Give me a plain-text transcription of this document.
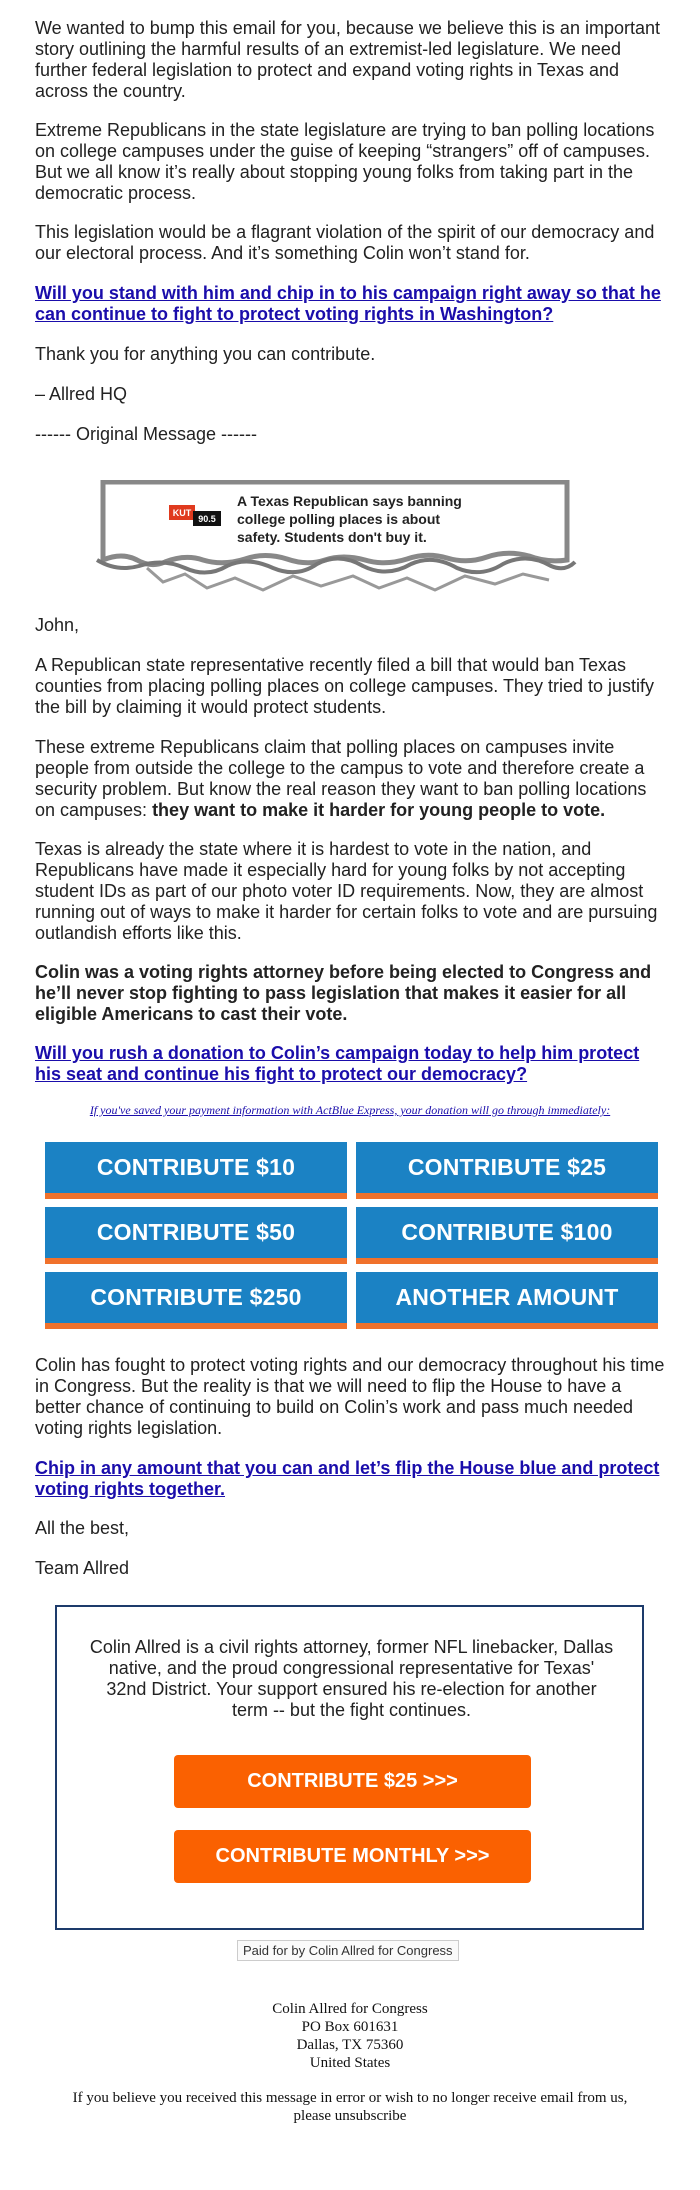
We wanted to bump this email for you, because we believe this is an important story outlining the harmful results of an extremist-led legislature. We need further federal legislation to protect and expand voting rights in Texas and across the country.

Extreme Republicans in the state legislature are trying to ban polling locations on college campuses under the guise of keeping “strangers” off of campuses. But we all know it’s really about stopping young folks from taking part in the democratic process.

This legislation would be a flagrant violation of the spirit of our democracy and our electoral process. And it’s something Colin won’t stand for.

Will you stand with him and chip in to his campaign right away so that he can continue to fight to protect voting rights in Washington?

Thank you for anything you can contribute.

– Allred HQ

------ Original Message ------

KUT
90.5
A Texas Republican says banning
college polling places is about
safety. Students don't buy it.

John,

A Republican state representative recently filed a bill that would ban Texas counties from placing polling places on college campuses. They tried to justify the bill by claiming it would protect students.

These extreme Republicans claim that polling places on campuses invite people from outside the college to the campus to vote and therefore create a security problem. But know the real reason they want to ban polling locations on campuses: they want to make it harder for young people to vote.

Texas is already the state where it is hardest to vote in the nation, and Republicans have made it especially hard for young folks by not accepting student IDs as part of our photo voter ID requirements. Now, they are almost running out of ways to make it harder for certain folks to vote and are pursuing outlandish efforts like this.

Colin was a voting rights attorney before being elected to Congress and he’ll never stop fighting to pass legislation that makes it easier for all eligible Americans to cast their vote.

Will you rush a donation to Colin’s campaign today to help him protect his seat and continue his fight to protect our democracy?

If you've saved your payment information with ActBlue Express, your donation will go through immediately:
CONTRIBUTE $10	CONTRIBUTE $25
CONTRIBUTE $50	CONTRIBUTE $100
CONTRIBUTE $250	ANOTHER AMOUNT

Colin has fought to protect voting rights and our democracy throughout his time in Congress. But the reality is that we will need to flip the House to have a better chance of continuing to build on Colin’s work and pass much needed voting rights legislation.

Chip in any amount that you can and let’s flip the House blue and protect voting rights together.

All the best,

Team Allred

Colin Allred is a civil rights attorney, former NFL linebacker, Dallas native, and the proud congressional representative for Texas' 32nd District. Your support ensured his re-election for another term -- but the fight continues.

CONTRIBUTE $25 >>>
CONTRIBUTE MONTHLY >>>
Paid for by Colin Allred for Congress
Colin Allred for Congress
PO Box 601631
Dallas, TX 75360
United States
If you believe you received this message in error or wish to no longer receive email from us,
please unsubscribe
